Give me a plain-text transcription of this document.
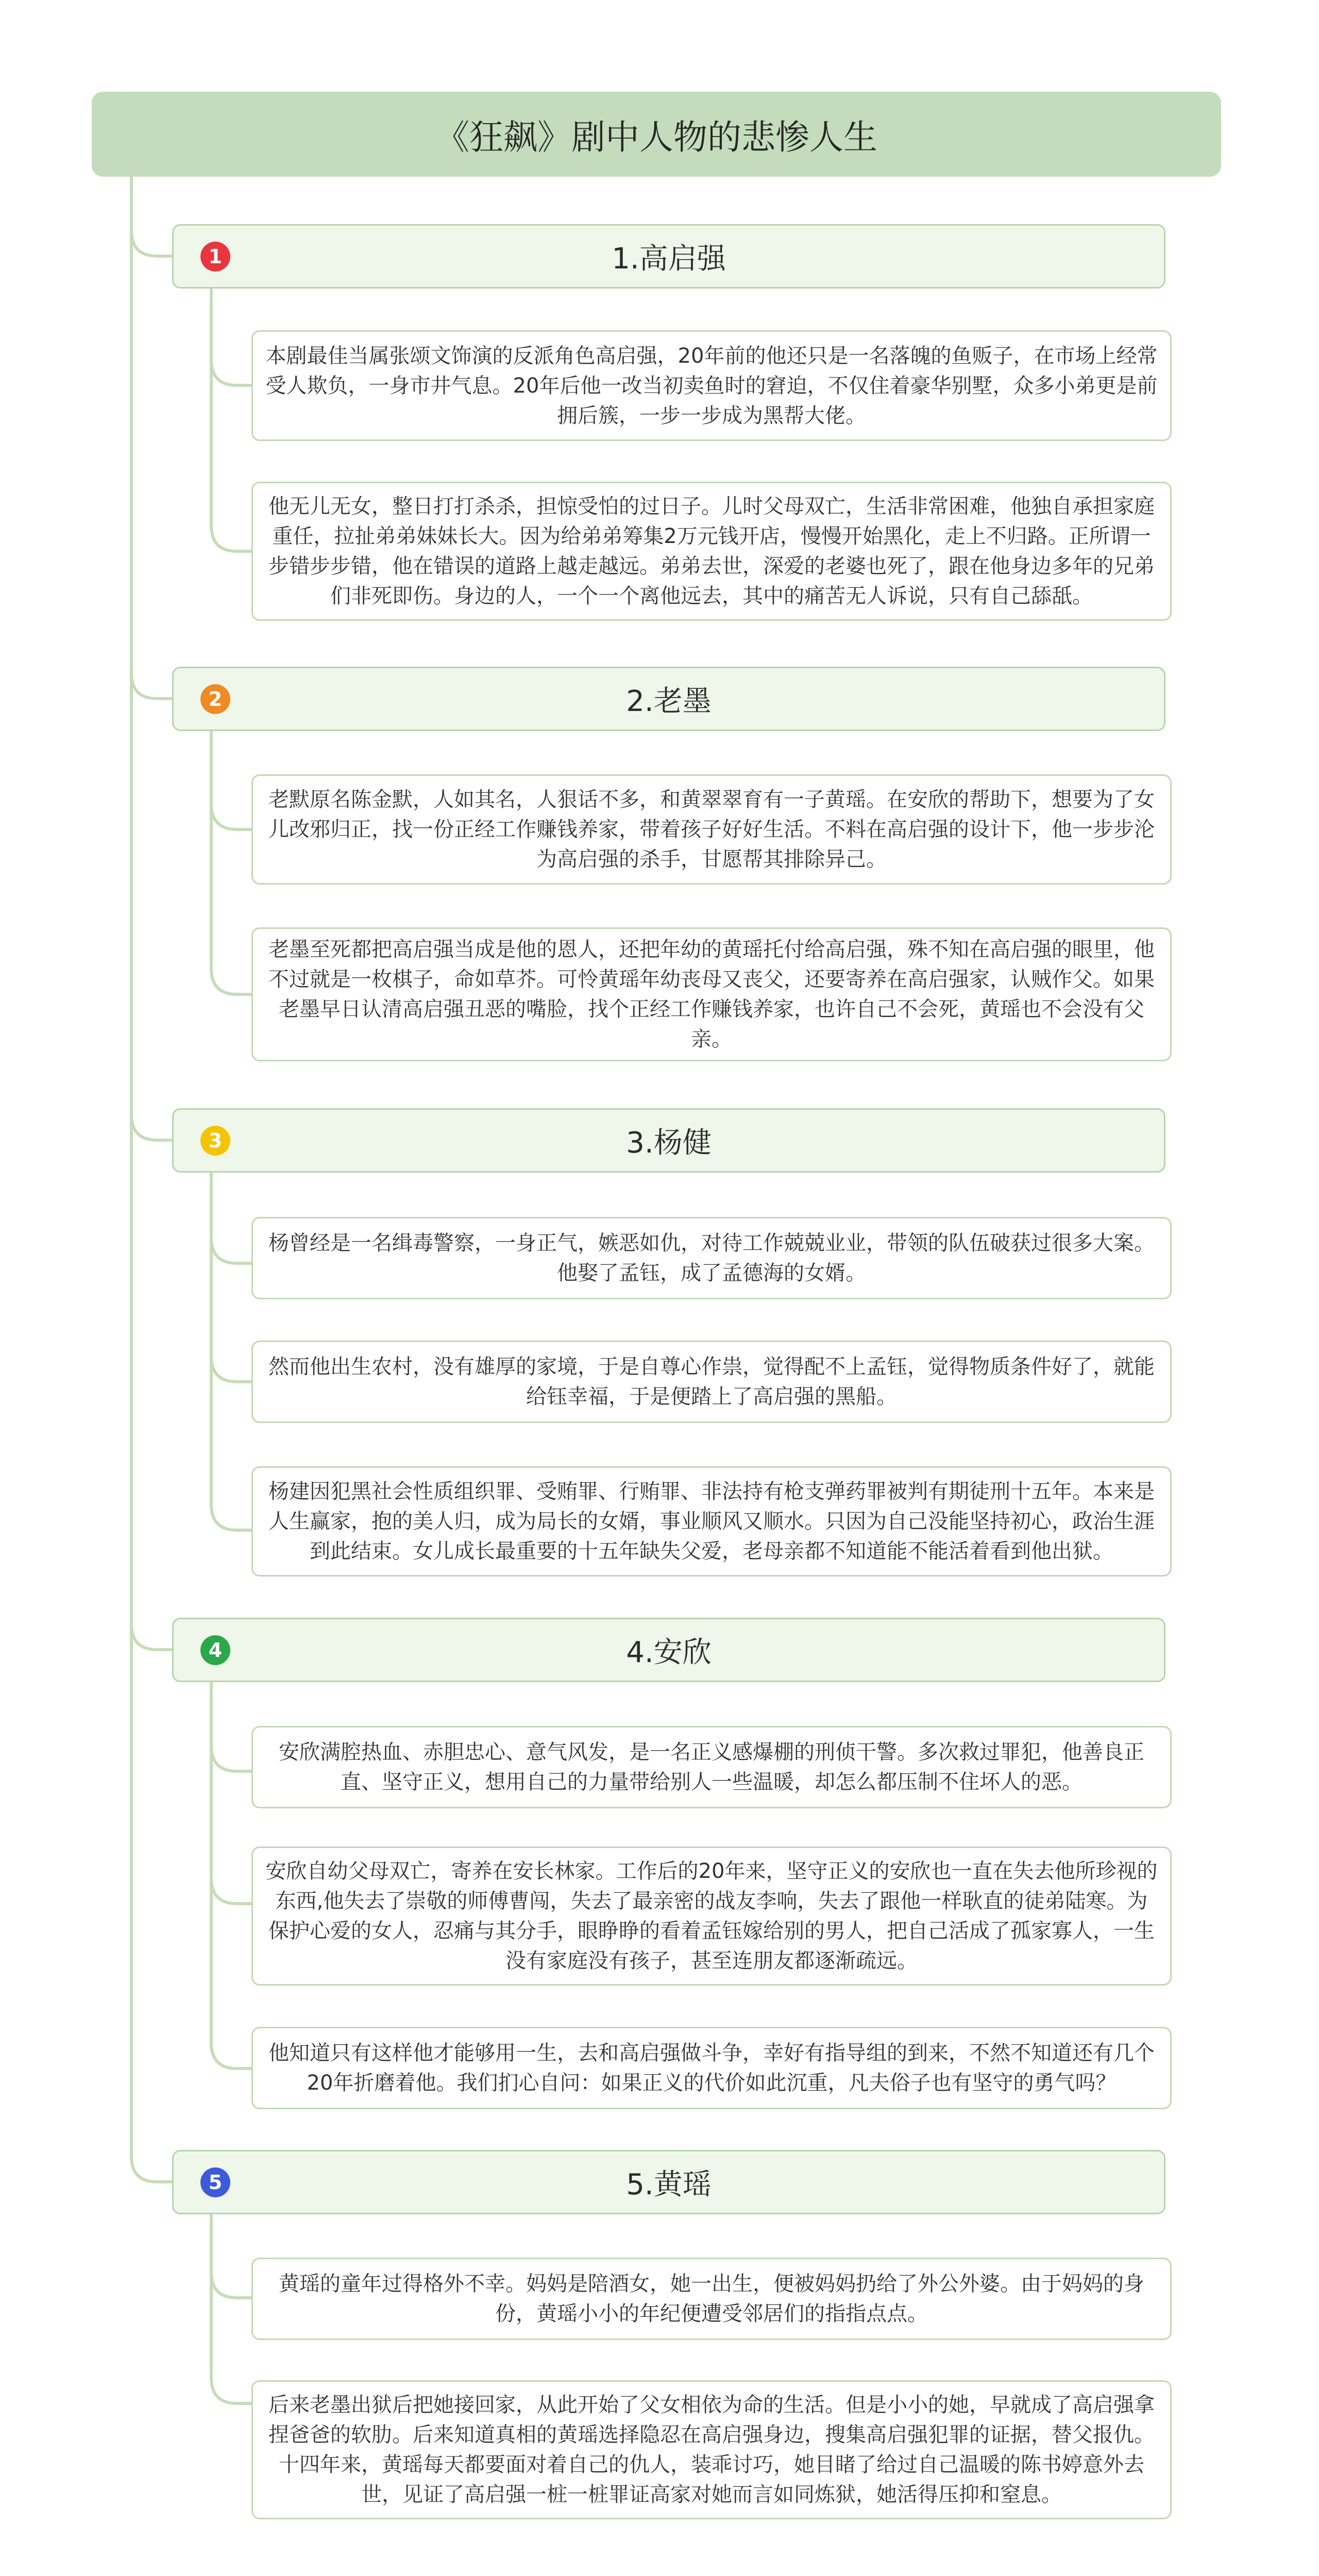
《狂飙》剧中人物的悲惨人生
1	1.高启强
本剧最佳当属张颂文饰演的反派角色高启强，20年前的他还只是一名落魄的鱼贩子，在市场上经常受人欺负，一身市井气息。20年后他一改当初卖鱼时的窘迫，不仅住着豪华别墅，众多小弟更是前拥后簇，一步一步成为黑帮大佬。
他无儿无女，整日打打杀杀，担惊受怕的过日子。儿时父母双亡，生活非常困难，他独自承担家庭重任，拉扯弟弟妹妹长大。因为给弟弟筹集2万元钱开店，慢慢开始黑化，走上不归路。正所谓一步错步步错，他在错误的道路上越走越远。弟弟去世，深爱的老婆也死了，跟在他身边多年的兄弟们非死即伤。身边的人，一个一个离他远去，其中的痛苦无人诉说，只有自己舔舐。
2	2.老墨
老默原名陈金默，人如其名，人狠话不多，和黄翠翠育有一子黄瑶。在安欣的帮助下，想要为了女儿改邪归正，找一份正经工作赚钱养家，带着孩子好好生活。不料在高启强的设计下，他一步步沦为高启强的杀手，甘愿帮其排除异己。
老墨至死都把高启强当成是他的恩人，还把年幼的黄瑶托付给高启强，殊不知在高启强的眼里，他不过就是一枚棋子，命如草芥。可怜黄瑶年幼丧母又丧父，还要寄养在高启强家，认贼作父。如果老墨早日认清高启强丑恶的嘴脸，找个正经工作赚钱养家，也许自己不会死，黄瑶也不会没有父亲。
3	3.杨健
杨曾经是一名缉毒警察，一身正气，嫉恶如仇，对待工作兢兢业业，带领的队伍破获过很多大案。他娶了孟钰，成了孟德海的女婿。
然而他出生农村，没有雄厚的家境，于是自尊心作祟，觉得配不上孟钰，觉得物质条件好了，就能给钰幸福，于是便踏上了高启强的黑船。
杨建因犯黑社会性质组织罪、受贿罪、行贿罪、非法持有枪支弹药罪被判有期徒刑十五年。本来是人生赢家，抱的美人归，成为局长的女婿，事业顺风又顺水。只因为自己没能坚持初心，政治生涯到此结束。女儿成长最重要的十五年缺失父爱，老母亲都不知道能不能活着看到他出狱。
4	4.安欣
安欣满腔热血、赤胆忠心、意气风发，是一名正义感爆棚的刑侦干警。多次救过罪犯，他善良正直、坚守正义，想用自己的力量带给别人一些温暖，却怎么都压制不住坏人的恶。
安欣自幼父母双亡，寄养在安长林家。工作后的20年来，坚守正义的安欣也一直在失去他所珍视的东西,他失去了崇敬的师傅曹闯，失去了最亲密的战友李响，失去了跟他一样耿直的徒弟陆寒。为保护心爱的女人，忍痛与其分手，眼睁睁的看着孟钰嫁给别的男人，把自己活成了孤家寡人，一生没有家庭没有孩子，甚至连朋友都逐渐疏远。
他知道只有这样他才能够用一生，去和高启强做斗争，幸好有指导组的到来，不然不知道还有几个20年折磨着他。我们扪心自问：如果正义的代价如此沉重，凡夫俗子也有坚守的勇气吗？
5	5.黄瑶
黄瑶的童年过得格外不幸。妈妈是陪酒女，她一出生，便被妈妈扔给了外公外婆。由于妈妈的身份，黄瑶小小的年纪便遭受邻居们的指指点点。
后来老墨出狱后把她接回家，从此开始了父女相依为命的生活。但是小小的她，早就成了高启强拿捏爸爸的软肋。后来知道真相的黄瑶选择隐忍在高启强身边，搜集高启强犯罪的证据，替父报仇。十四年来，黄瑶每天都要面对着自己的仇人，装乖讨巧，她目睹了给过自己温暖的陈书婷意外去世，见证了高启强一桩一桩罪证高家对她而言如同炼狱，她活得压抑和窒息。
